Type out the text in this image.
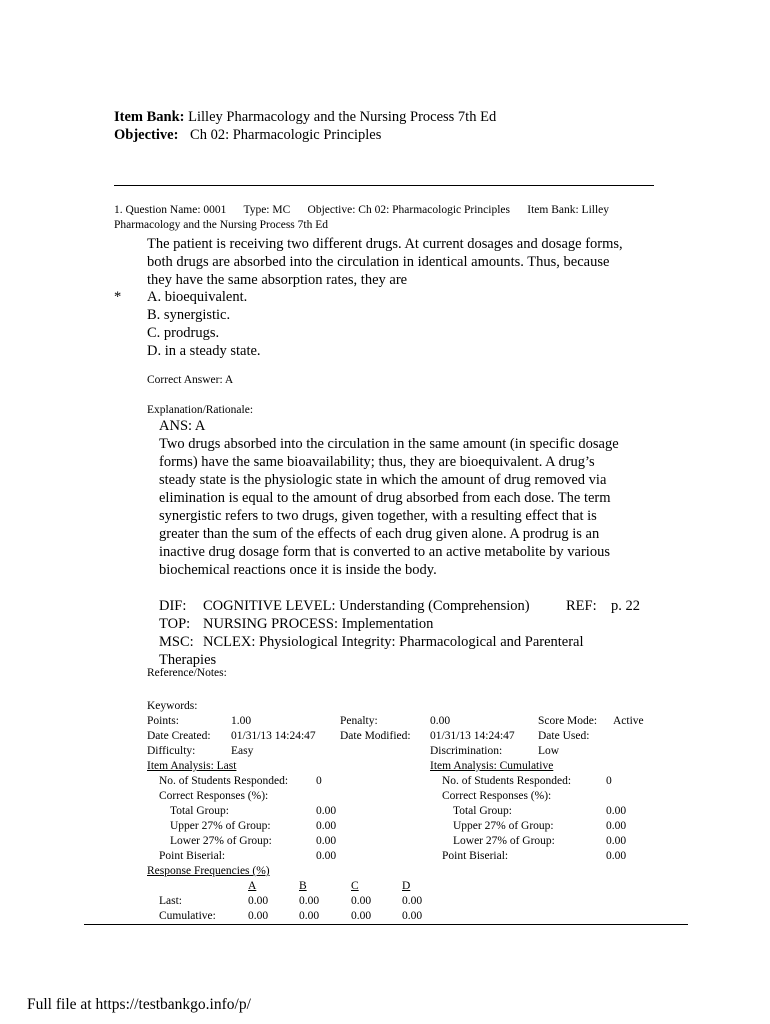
Item Bank: Lilley Pharmacology and the Nursing Process 7th Ed
Objective: Ch 02: Pharmacologic Principles
1. Question Name: 0001      Type: MC      Objective: Ch 02: Pharmacologic Principles      Item Bank: Lilley
Pharmacology and the Nursing Process 7th Ed
The patient is receiving two different drugs. At current dosages and dosage forms,
both drugs are absorbed into the circulation in identical amounts. Thus, because
they have the same absorption rates, they are
* A. bioequivalent.
B. synergistic.
C. prodrugs.
D. in a steady state.
Correct Answer: A
Explanation/Rationale:
ANS: A
Two drugs absorbed into the circulation in the same amount (in specific dosage
forms) have the same bioavailability; thus, they are bioequivalent. A drug’s
steady state is the physiologic state in which the amount of drug removed via
elimination is equal to the amount of drug absorbed from each dose. The term
synergistic refers to two drugs, given together, with a resulting effect that is
greater than the sum of the effects of each drug given alone. A prodrug is an
inactive drug dosage form that is converted to an active metabolite by various
biochemical reactions once it is inside the body.
DIF: COGNITIVE LEVEL: Understanding (Comprehension)	REF: p. 22
TOP: NURSING PROCESS: Implementation
MSC: NCLEX: Physiological Integrity: Pharmacological and Parenteral
Therapies
Reference/Notes:
Keywords:
Points:	1.00	Penalty:	0.00	Score Mode: Active
Date Created: 01/31/13 14:24:47 Date Modified: 01/31/13 14:24:47 Date Used:
Difficulty:	Easy	Discrimination:	Low
Item Analysis: Last
No. of Students Responded: 0
Correct Responses (%):
Total Group:	0.00
Upper 27% of Group:	0.00
Lower 27% of Group:	0.00
Point Biserial:	0.00
Item Analysis: Cumulative
No. of Students Responded:	0
Correct Responses (%):
Total Group:	0.00
Upper 27% of Group:	0.00
Lower 27% of Group:	0.00
Point Biserial:	0.00
Response Frequencies (%)
A	B	C	D
Last:	0.00	0.00	0.00	0.00
Cumulative:	0.00	0.00	0.00	0.00
Full file at https://testbankgo.info/p/
